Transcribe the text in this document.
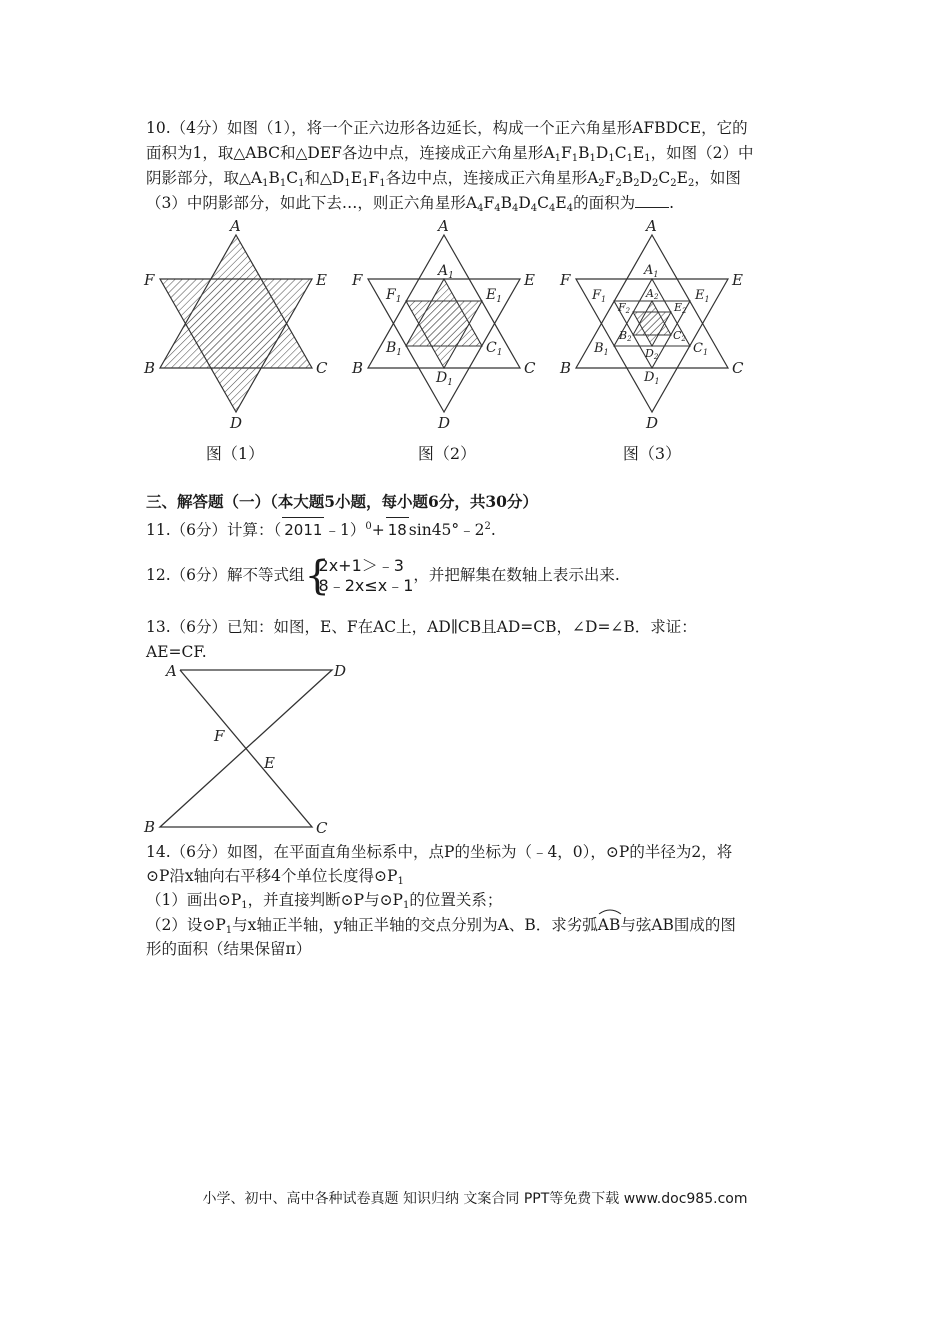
10.（4分）如图（1），将一个正六边形各边延长，构成一个正六角星形AFBDCE，它的
面积为1，取△ABC和△DEF各边中点，连接成正六角星形$A_1F_1B_1D_1C_1E_1$，如图（2）中
阴影部分，取$\triangle A_1B_1C_1$和$\triangle D_1E_1F_1$各边中点，连接成正六角星形$A_2F_2B_2D_2C_2E_2$，如图
（3）中阴影部分，如此下去…，则正六角星形$A_4F_4B_4D_4C_4E_4$的面积为 .
A
F	E
B	C
D
A
F	E
B	C
D
$A_1$
$F_1$	$E_1$
$B_1$	$C_1$
$D_1$
A
F	E
B	C
D
$A_1$
$F_1$	$E_1$
$B_1$	$C_1$
$D_1$
A2
F2	E2
B2	C2
D2
图（1）	图（2）	图（3）
三、解答题（一）（本大题5小题，每小题6分，共30分）
11.（6分）计算：（ 2011 ﹣1）$^0$+ 18 $\sin 45^\circ﹣2^2$.
12.（6分）解不等式组 {
2x+1＞﹣3
8﹣2x≤x﹣1
，并把解集在数轴上表示出来.
13.（6分）已知：如图，E、F在AC上，AD∥CB且AD=CB，∠D=∠B．求证：
AE=CF.
A	D
F
E
B	C
14.（6分）如图，在平面直角坐标系中，点P的坐标为（﹣4，0），⊙P的半径为2，将
⊙P沿x轴向右平移4个单位长度得$⊙P_1$
（1）画出$⊙P_1$，并直接判断⊙P与$⊙P_1$的位置关系；
（2）设$⊙P_1$与x轴正半轴，y轴正半轴的交点分别为A、B．求劣弧
AB与弦AB围成的图
形的面积（结果保留π）
小学、初中、高中各种试卷真题 知识归纳 文案合同 PPT等免费下载 www.doc985.com
